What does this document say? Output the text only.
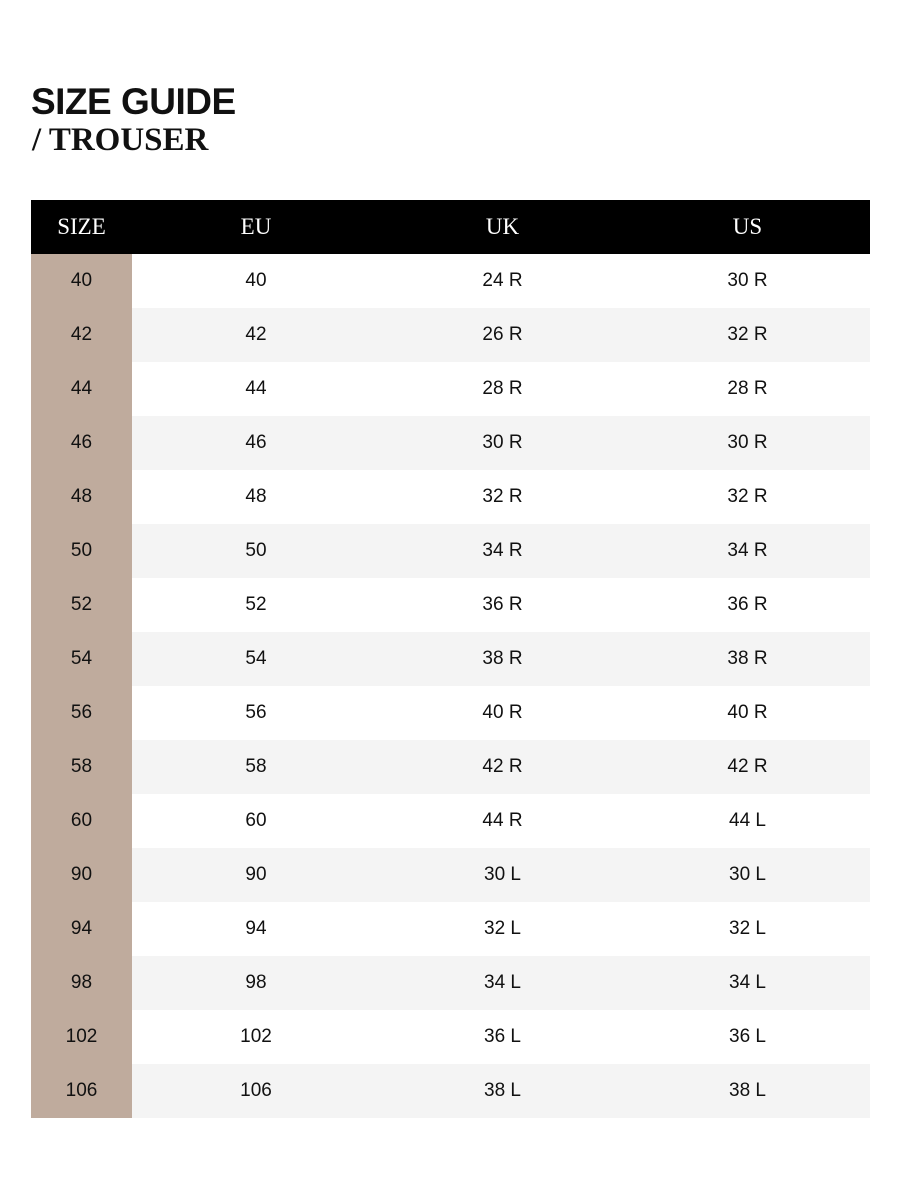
SIZE GUIDE
/ TROUSER
SIZE	EU	UK	US
40	40	24 R	30 R
42	42	26 R	32 R
44	44	28 R	28 R
46	46	30 R	30 R
48	48	32 R	32 R
50	50	34 R	34 R
52	52	36 R	36 R
54	54	38 R	38 R
56	56	40 R	40 R
58	58	42 R	42 R
60	60	44 R	44 L
90	90	30 L	30 L
94	94	32 L	32 L
98	98	34 L	34 L
102	102	36 L	36 L
106	106	38 L	38 L
